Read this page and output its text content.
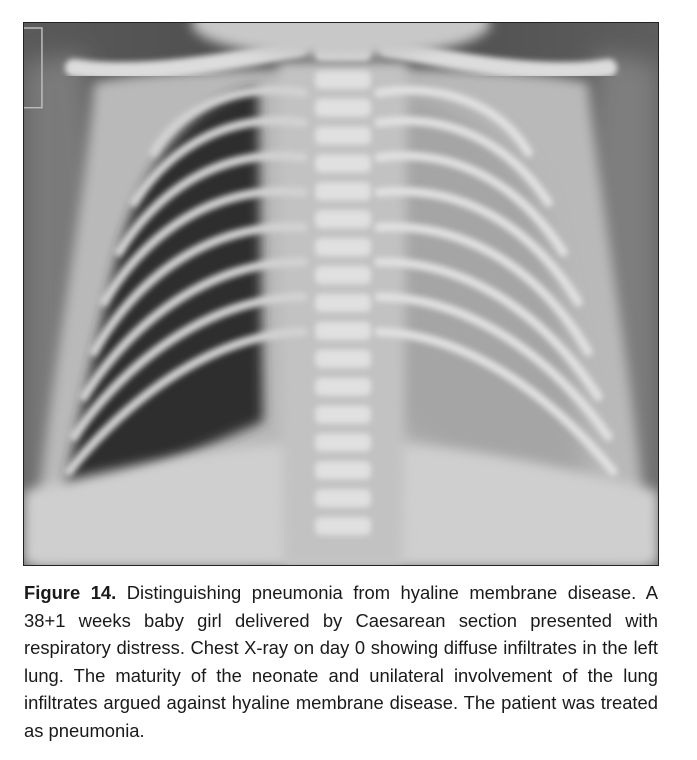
Figure 14. Distinguishing pneumonia from hyaline membrane disease. A 38+1 weeks baby girl delivered by Caesarean section presented with respiratory distress. Chest X-ray on day 0 showing diffuse infiltrates in the left lung. The maturity of the neonate and unilateral involvement of the lung infiltrates argued against hyaline membrane disease. The patient was treated as pneumonia.
